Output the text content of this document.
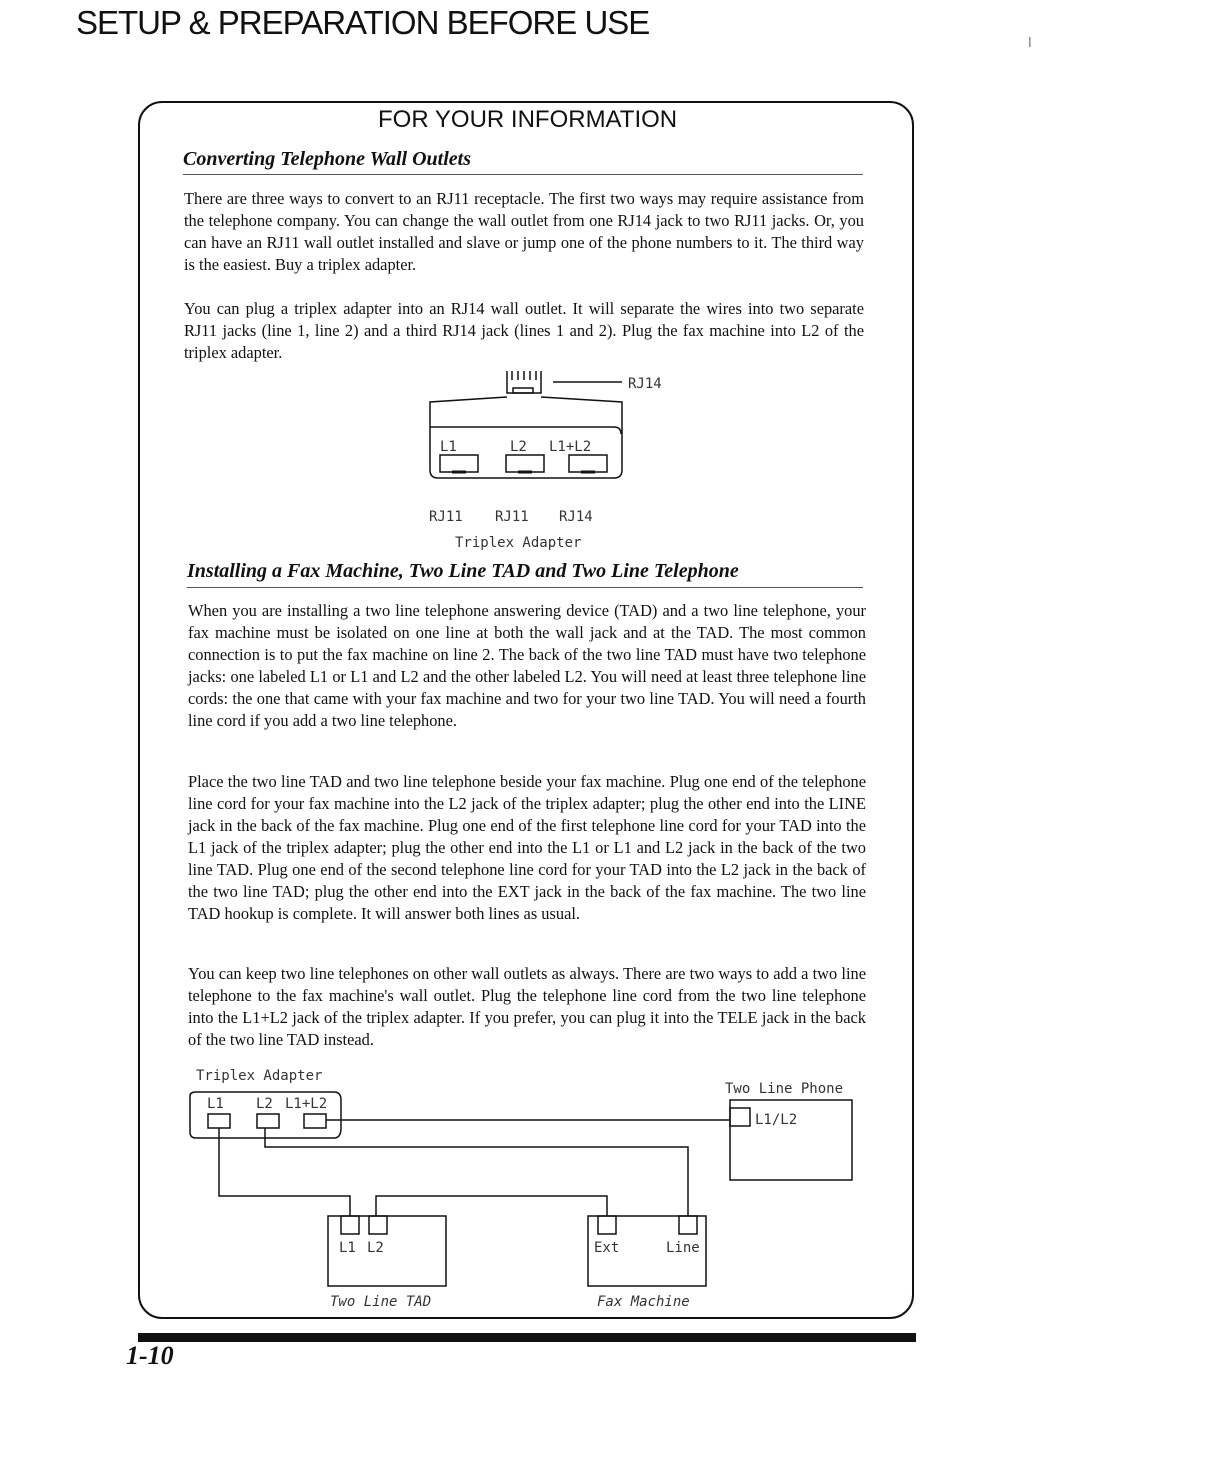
SETUP & PREPARATION BEFORE USE
ǀ
FOR YOUR INFORMATION
Converting Telephone Wall Outlets

There are three ways to convert to an RJ11 receptacle. The first two ways may require assistance from the telephone company. You can change the wall outlet from one RJ14 jack to two RJ11 jacks. Or, you can have an RJ11 wall outlet installed and slave or jump one of the phone numbers to it. The third way is the easiest. Buy a triplex adapter.

You can plug a triplex adapter into an RJ14 wall outlet. It will separate the wires into two separate RJ11 jacks (line 1, line 2) and a third RJ14 jack (lines 1 and 2). Plug the fax machine into L2 of the triplex adapter.

RJ14
L1	L2 L1+L2
RJ11 RJ11 RJ14
Triplex Adapter
Installing a Fax Machine, Two Line TAD and Two Line Telephone

When you are installing a two line telephone answering device (TAD) and a two line telephone, your fax machine must be isolated on one line at both the wall jack and at the TAD. The most common connection is to put the fax machine on line 2. The back of the two line TAD must have two telephone jacks: one labeled L1 or L1 and L2 and the other labeled L2. You will need at least three telephone line cords: the one that came with your fax machine and two for your two line TAD. You will need a fourth line cord if you add a two line telephone.

Place the two line TAD and two line telephone beside your fax machine. Plug one end of the telephone line cord for your fax machine into the L2 jack of the triplex adapter; plug the other end into the LINE jack in the back of the fax machine. Plug one end of the first telephone line cord for your TAD into the L1 jack of the triplex adapter; plug the other end into the L1 or L1 and L2 jack in the back of the two line TAD. Plug one end of the second telephone line cord for your TAD into the L2 jack in the back of the two line TAD; plug the other end into the EXT jack in the back of the fax machine. The two line TAD hookup is complete. It will answer both lines as usual.

You can keep two line telephones on other wall outlets as always. There are two ways to add a two line telephone to the fax machine's wall outlet. Plug the telephone line cord from the two line telephone into the L1+L2 jack of the triplex adapter. If you prefer, you can plug it into the TELE jack in the back of the two line TAD instead.

Triplex Adapter
L1 L2 L1+L2
Two Line Phone
L1/L2
L1 L2	Ext	Line
Two Line TAD	Fax Machine
1-10
